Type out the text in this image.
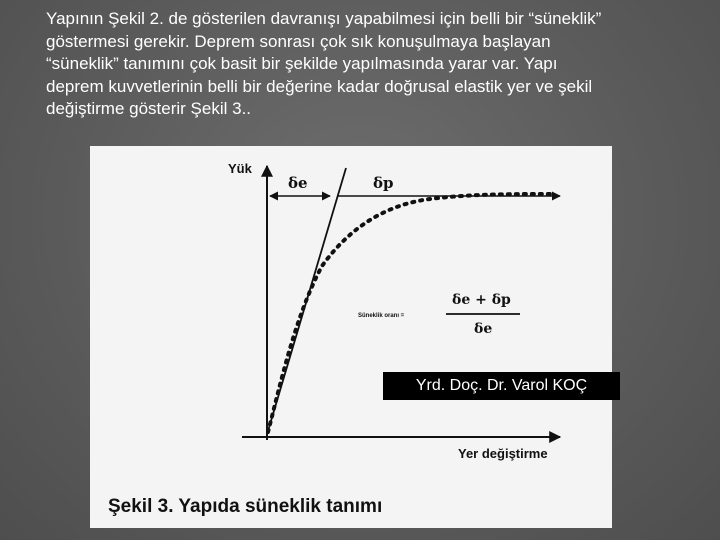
Yapının Şekil 2. de gösterilen davranışı yapabilmesi için belli bir “süneklik”
göstermesi gerekir. Deprem sonrası çok sık konuşulmaya başlayan
“süneklik” tanımını çok basit bir şekilde yapılmasında yarar var. Yapı
deprem kuvvetlerinin belli bir değerine kadar doğrusal elastik yer ve şekil
değiştirme gösterir Şekil 3..
Yük
Yer değiştirme
δe	δp
Süneklik oranı =
δe + δp
δe
Şekil 3. Yapıda süneklik tanımı
Yrd. Doç. Dr. Varol KOÇ
